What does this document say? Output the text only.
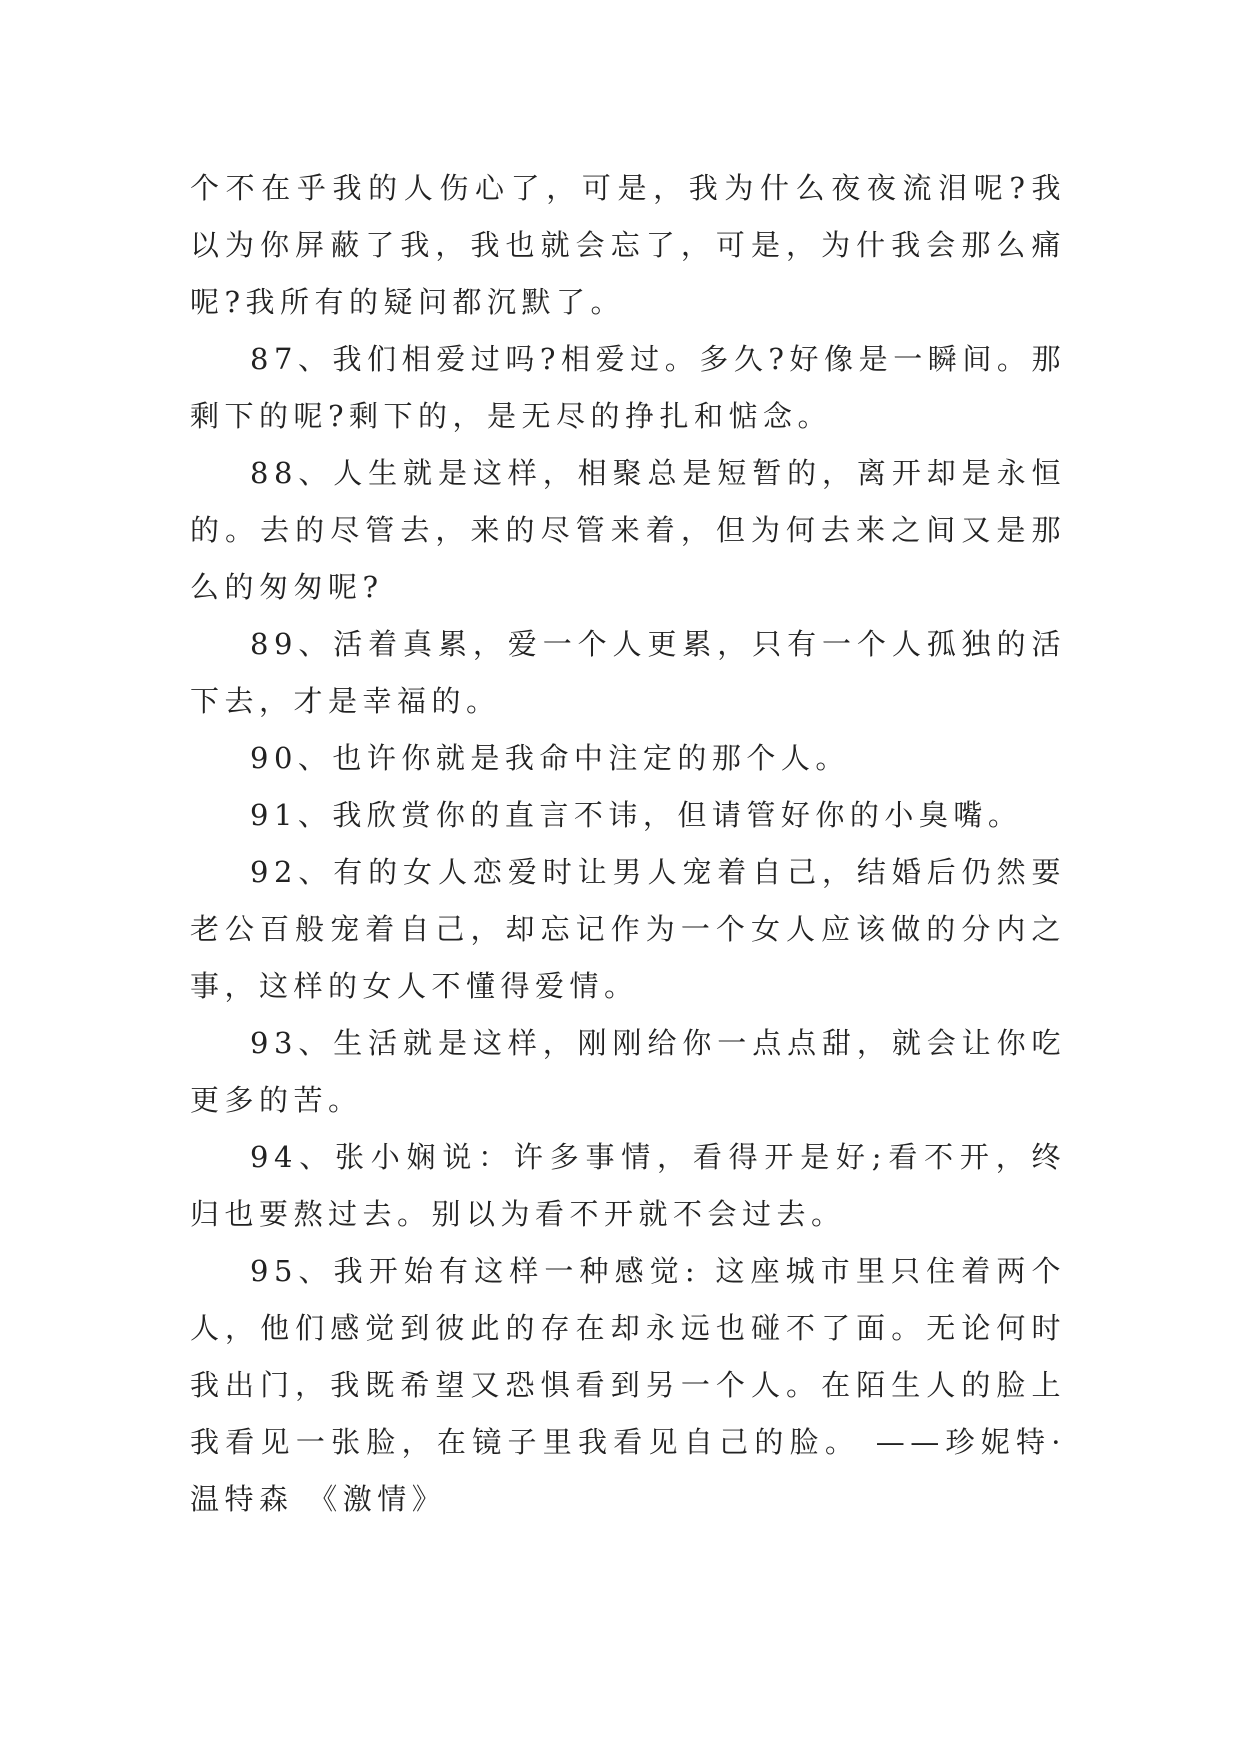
个不在乎我的人伤心了，可是，我为什么夜夜流泪呢?我以为你屏蔽了我，我也就会忘了，可是，为什我会那么痛呢?我所有的疑问都沉默了。

87、我们相爱过吗?相爱过。多久?好像是一瞬间。那剩下的呢?剩下的，是无尽的挣扎和惦念。

88、人生就是这样，相聚总是短暂的，离开却是永恒的。去的尽管去，来的尽管来着，但为何去来之间又是那么的匆匆呢?

89、活着真累，爱一个人更累，只有一个人孤独的活下去，才是幸福的。

90、也许你就是我命中注定的那个人。

91、我欣赏你的直言不讳，但请管好你的小臭嘴。

92、有的女人恋爱时让男人宠着自己，结婚后仍然要老公百般宠着自己，却忘记作为一个女人应该做的分内之事，这样的女人不懂得爱情。

93、生活就是这样，刚刚给你一点点甜，就会让你吃更多的苦。

94、张小娴说：许多事情，看得开是好;看不开，终归也要熬过去。别以为看不开就不会过去。

95、我开始有这样一种感觉: 这座城市里只住着两个人，他们感觉到彼此的存在却永远也碰不了面。无论何时我出门，我既希望又恐惧看到另一个人。在陌生人的脸上我看见一张脸，在镜子里我看见自己的脸。 ——珍妮特·温特森 《激情》
